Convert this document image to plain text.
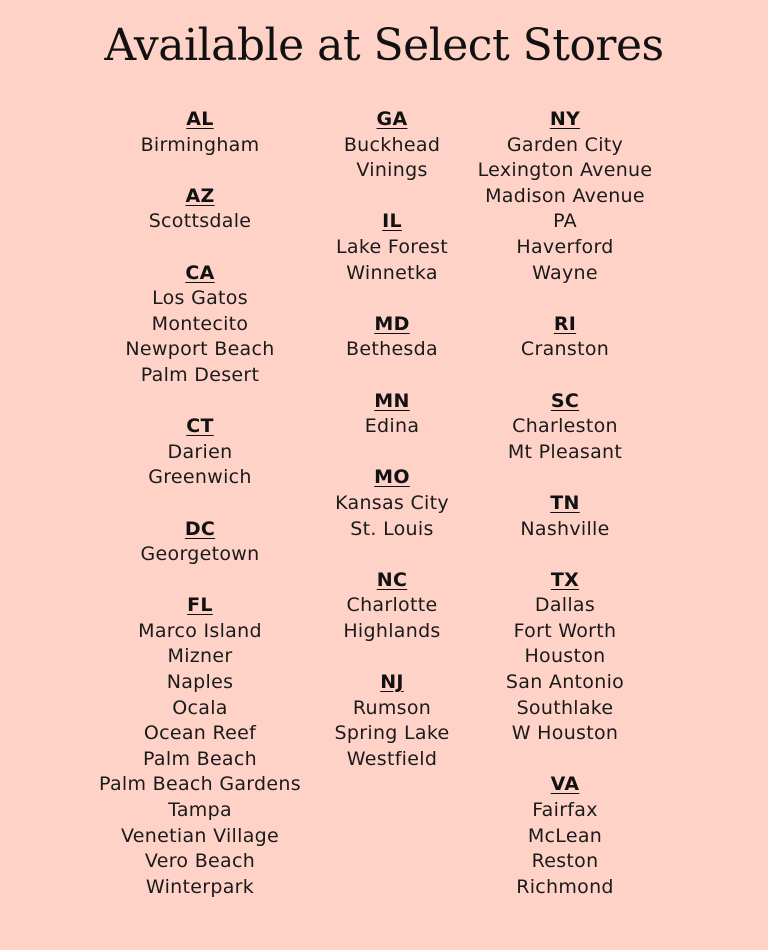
Available at Select Stores
AL
Birmingham
AZ
Scottsdale
CA
Los Gatos
Montecito
Newport Beach
Palm Desert
CT
Darien
Greenwich
DC
Georgetown
FL
Marco Island
Mizner
Naples
Ocala
Ocean Reef
Palm Beach
Palm Beach Gardens
Tampa
Venetian Village
Vero Beach
Winterpark
GA
Buckhead
Vinings
IL
Lake Forest
Winnetka
MD
Bethesda
MN
Edina
MO
Kansas City
St. Louis
NC
Charlotte
Highlands
NJ
Rumson
Spring Lake
Westfield
NY
Garden City
Lexington Avenue
Madison Avenue
PA
Haverford
Wayne
RI
Cranston
SC
Charleston
Mt Pleasant
TN
Nashville
TX
Dallas
Fort Worth
Houston
San Antonio
Southlake
W Houston
VA
Fairfax
McLean
Reston
Richmond
